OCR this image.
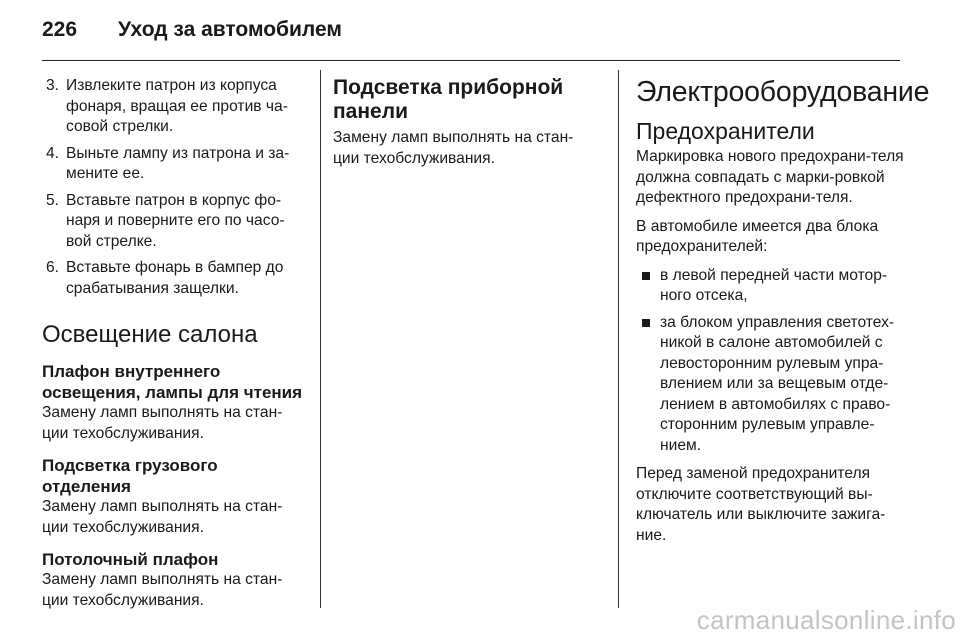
226	Уход за автомобилем
3. Извлеките патрон из корпуса фонаря, вращая ее против ча-совой стрелки.
4. Выньте лампу из патрона и за-мените ее.
5. Вставьте патрон в корпус фо-наря и поверните его по часо-вой стрелке.
6. Вставьте фонарь в бампер до срабатывания защелки.
Освещение салона
Плафон внутреннего освещения, лампы для чтения

Замену ламп выполнять на стан-ции техобслуживания.

Подсветка грузового отделения

Замену ламп выполнять на стан-ции техобслуживания.

Потолочный плафон

Замену ламп выполнять на стан-ции техобслуживания.

Подсветка приборной панели

Замену ламп выполнять на стан-ции техобслуживания.

Электрооборудование
Предохранители

Маркировка нового предохрани-теля должна совпадать с марки-ровкой дефектного предохрани-теля.

В автомобиле имеется два блока предохранителей:

в левой передней части мотор-ного отсека,
за блоком управления светотех-никой в салоне автомобилей с левосторонним рулевым упра-влением или за вещевым отде-лением в автомобилях с право-сторонним рулевым управле-нием.

Перед заменой предохранителя отключите соответствующий вы-ключатель или выключите зажига-ние.

carmanualsonline.info
